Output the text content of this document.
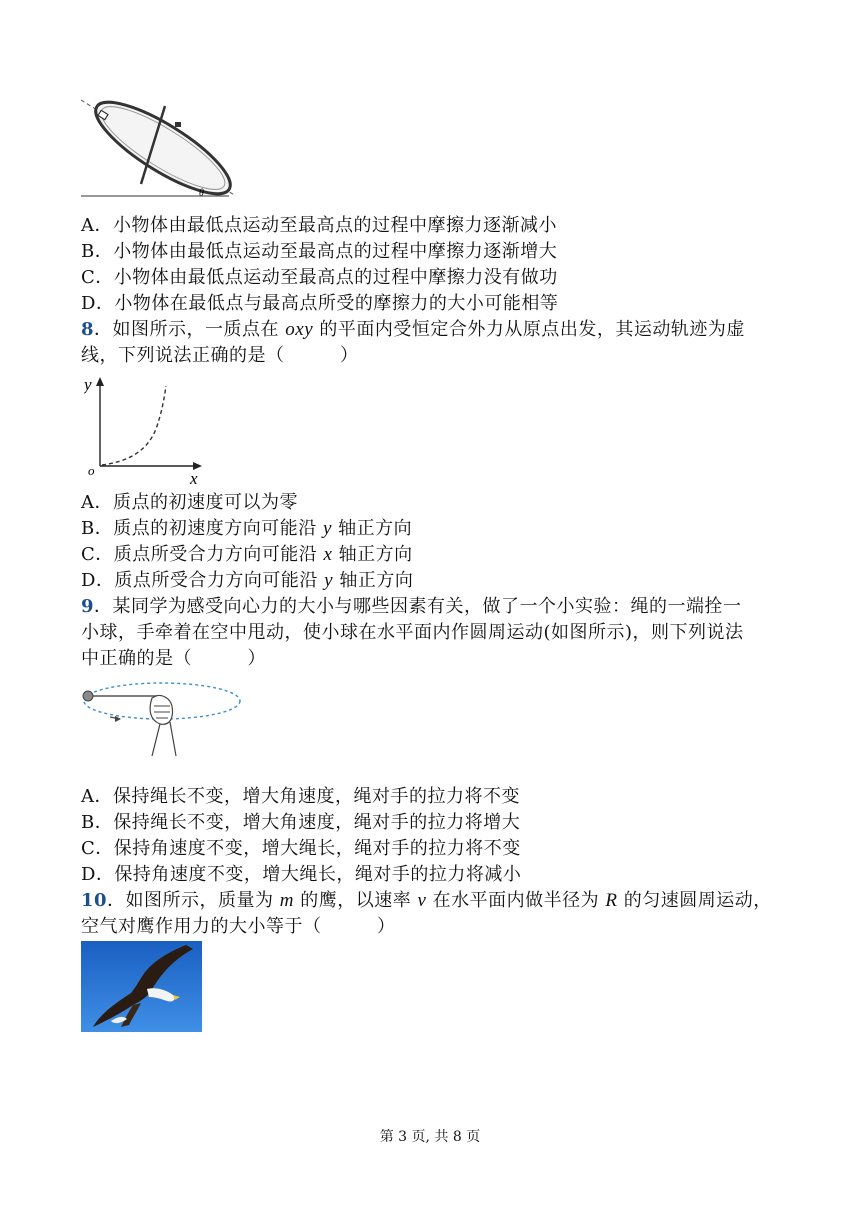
θ
A．小物体由最低点运动至最高点的过程中摩擦力逐渐减小
B．小物体由最低点运动至最高点的过程中摩擦力逐渐增大
C．小物体由最低点运动至最高点的过程中摩擦力没有做功
D．小物体在最低点与最高点所受的摩擦力的大小可能相等
8．如图所示，一质点在 oxy 的平面内受恒定合外力从原点出发，其运动轨迹为虚
线，下列说法正确的是（　　　）
y
x
o
A．质点的初速度可以为零
B．质点的初速度方向可能沿 y 轴正方向
C．质点所受合力方向可能沿 x 轴正方向
D．质点所受合力方向可能沿 y 轴正方向
9．某同学为感受向心力的大小与哪些因素有关，做了一个小实验：绳的一端拴一
小球，手牵着在空中甩动，使小球在水平面内作圆周运动(如图所示)，则下列说法
中正确的是（　　　）
A．保持绳长不变，增大角速度，绳对手的拉力将不变
B．保持绳长不变，增大角速度，绳对手的拉力将增大
C．保持角速度不变，增大绳长，绳对手的拉力将不变
D．保持角速度不变，增大绳长，绳对手的拉力将减小
10．如图所示，质量为 m 的鹰，以速率 v 在水平面内做半径为 R 的匀速圆周运动，
空气对鹰作用力的大小等于（　　　）
第 3 页, 共 8 页
